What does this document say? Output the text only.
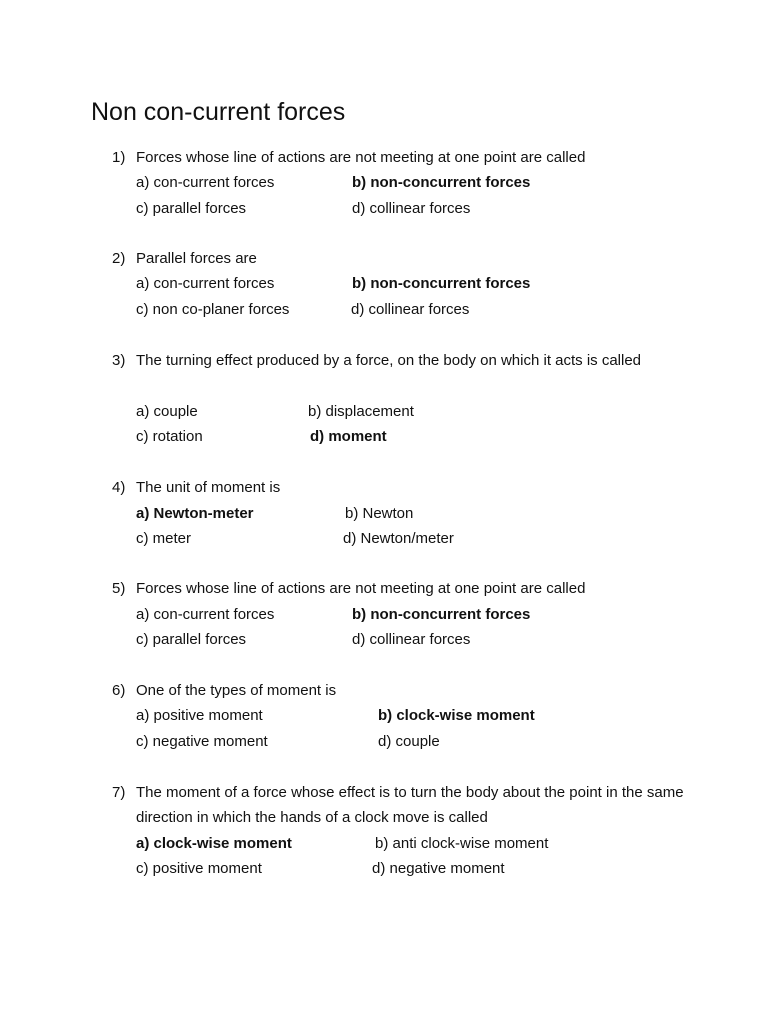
Non con-current forces
1) Forces whose line of actions are not meeting at one point are called
a) con-current forces	b) non-concurrent forces
c) parallel forces	d) collinear forces
2) Parallel forces are
a) con-current forces	b) non-concurrent forces
c) non co-planer forces	d) collinear forces
3) The turning effect produced by a force, on the body on which it acts is called
a) couple	b) displacement
c) rotation	d) moment
4) The unit of moment is
a) Newton-meter	b) Newton
c) meter	d) Newton/meter
5) Forces whose line of actions are not meeting at one point are called
a) con-current forces	b) non-concurrent forces
c) parallel forces	d) collinear forces
6) One of the types of moment is
a) positive moment	b) clock-wise moment
c) negative moment	d) couple
7) The moment of a force whose effect is to turn the body about the point in the same direction in which the hands of a clock move is called
a) clock-wise moment	b) anti clock-wise moment
c) positive moment	d) negative moment
